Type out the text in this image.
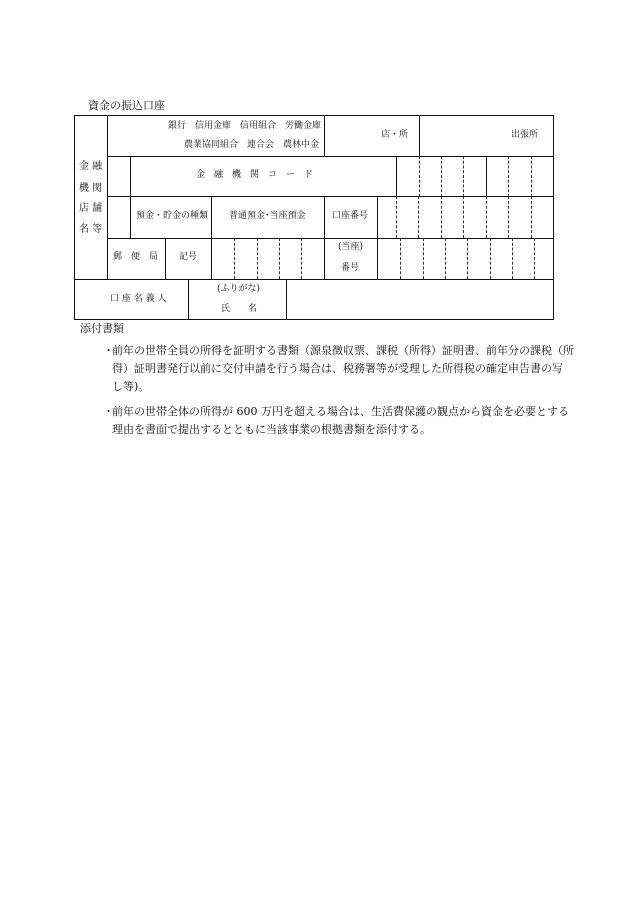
資金の振込口座
金 融
機 関
店 舗
名 等
銀行　信用金庫　信用組合　労働金庫
農業協同組合　連合会　農林中金
店・所	出張所
金　融　機　関　コ　ー　ド
預金・貯金の種類 普通預金･当座預金	口座番号
郵　便　局 記号
(当座)
番号
口 座 名 義 人
(ふりがな)
氏　　名
添付書類
・
前年の世帯全員の所得を証明する書類（源泉徴収票、課税（所得）証明書、前年分の課税（所
得）証明書発行以前に交付申請を行う場合は、税務署等が受理した所得税の確定申告書の写
し等)。
・
前年の世帯全体の所得が 600 万円を超える場合は、生活費保護の観点から資金を必要とする
理由を書面で提出するとともに当該事業の根拠書類を添付する。
